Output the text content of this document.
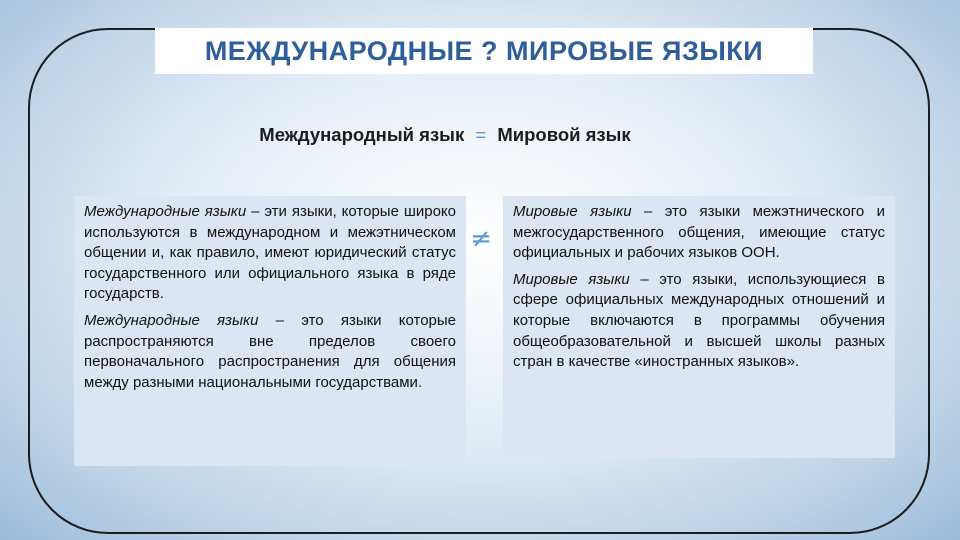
МЕЖДУНАРОДНЫЕ ? МИРОВЫЕ ЯЗЫКИ
Международный язык = Мировой язык

Международные языки – эти языки, которые широко используются в международном и межэтническом общении и, как правило, имеют юридический статус государственного или официального языка в ряде государств.

Международные языки – это языки которые распространяются вне пределов своего первоначального распространения для общения между разными национальными государствами.

≠

Мировые языки – это языки межэтнического и межгосударственного общения, имеющие статус официальных и рабочих языков ООН.

Мировые языки – это языки, использующиеся в сфере официальных международных отношений и которые включаются в программы обучения общеобразовательной и высшей школы разных стран в качестве «иностранных языков».
